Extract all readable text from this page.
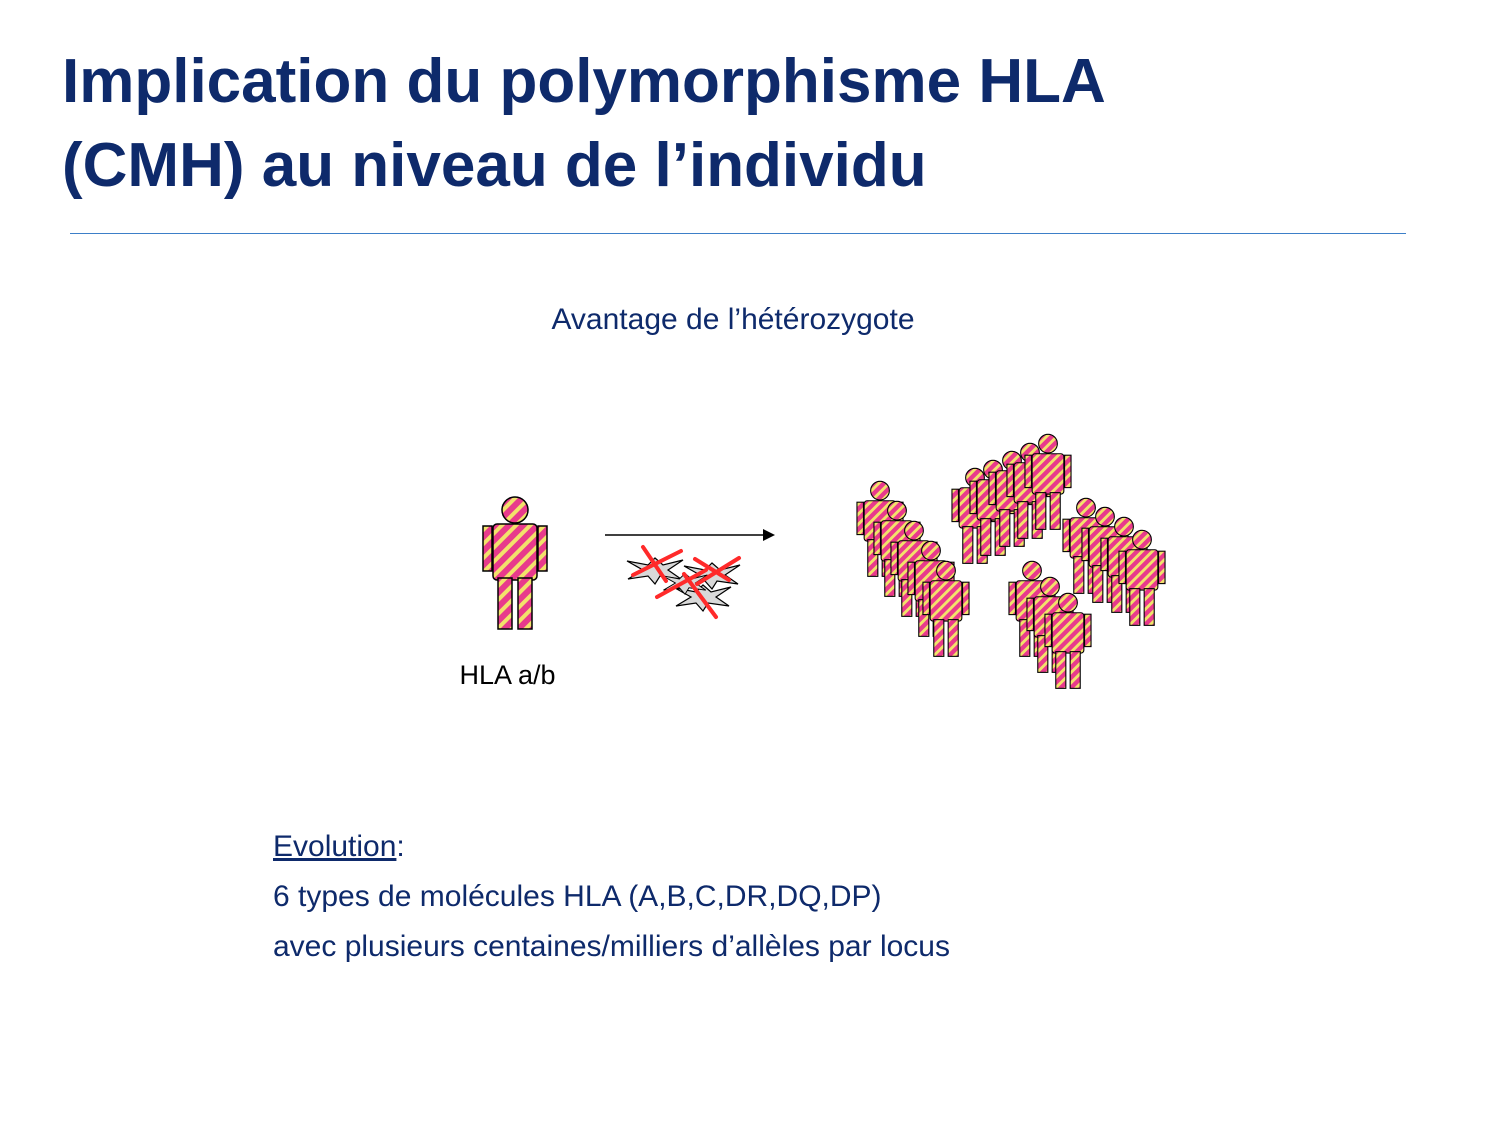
Implication du polymorphisme HLA
(CMH) au niveau de l’individu
Avantage de l’hétérozygote
HLA a/b
Evolution:
6 types de molécules HLA (A,B,C,DR,DQ,DP)
avec plusieurs centaines/milliers d’allèles par locus
